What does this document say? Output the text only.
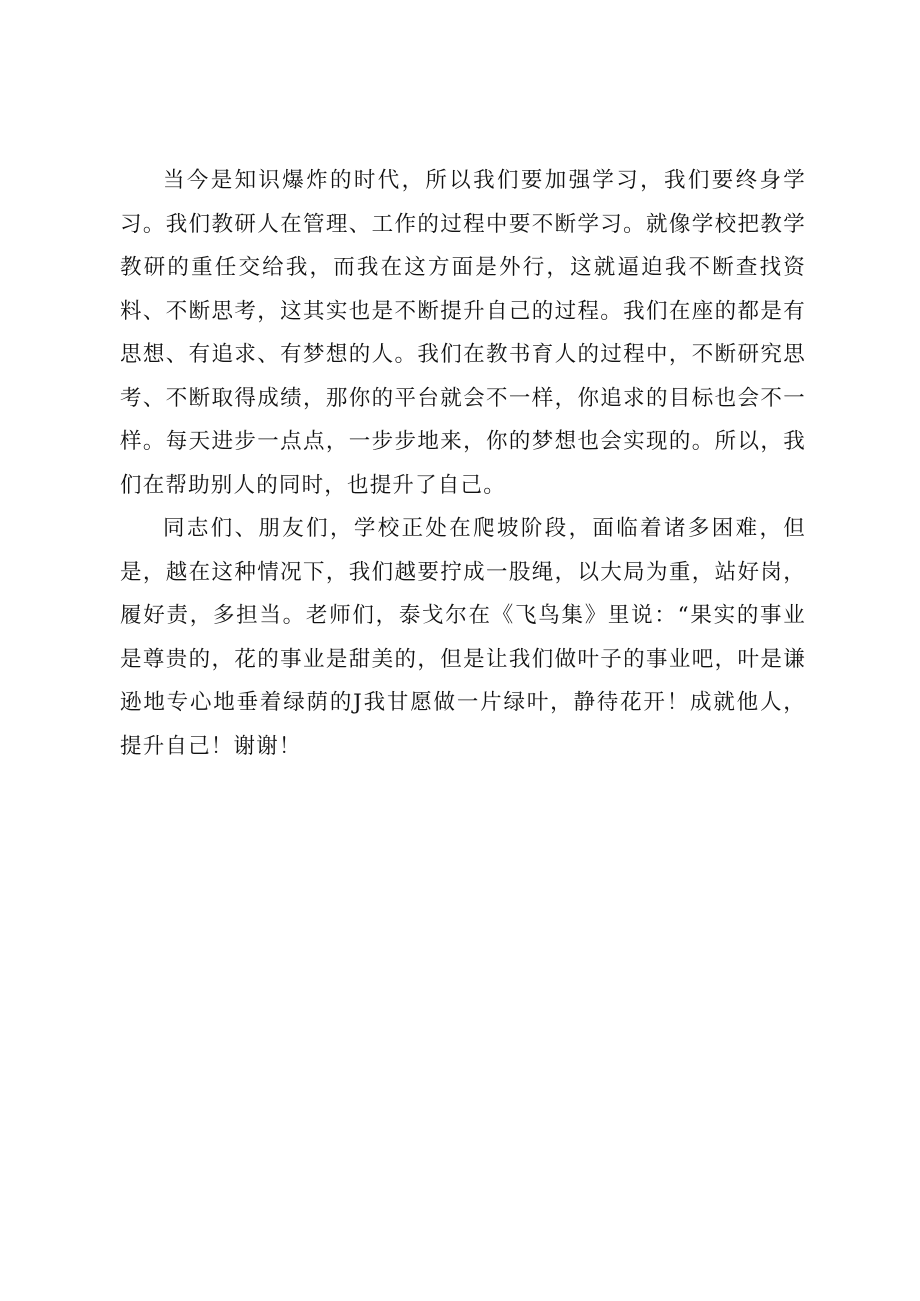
当今是知识爆炸的时代，所以我们要加强学习，我们要终身学习。我们教研人在管理、工作的过程中要不断学习。就像学校把教学教研的重任交给我，而我在这方面是外行，这就逼迫我不断查找资料、不断思考，这其实也是不断提升自己的过程。我们在座的都是有思想、有追求、有梦想的人。我们在教书育人的过程中，不断研究思考、不断取得成绩，那你的平台就会不一样，你追求的目标也会不一样。每天进步一点点，一步步地来，你的梦想也会实现的。所以，我们在帮助别人的同时，也提升了自己。

同志们、朋友们，学校正处在爬坡阶段，面临着诸多困难，但是，越在这种情况下，我们越要拧成一股绳，以大局为重，站好岗，履好责，多担当。老师们，泰戈尔在《飞鸟集》里说：“果实的事业是尊贵的，花的事业是甜美的，但是让我们做叶子的事业吧，叶是谦逊地专心地垂着绿荫的J我甘愿做一片绿叶，静待花开！成就他人，提升自己！谢谢！
